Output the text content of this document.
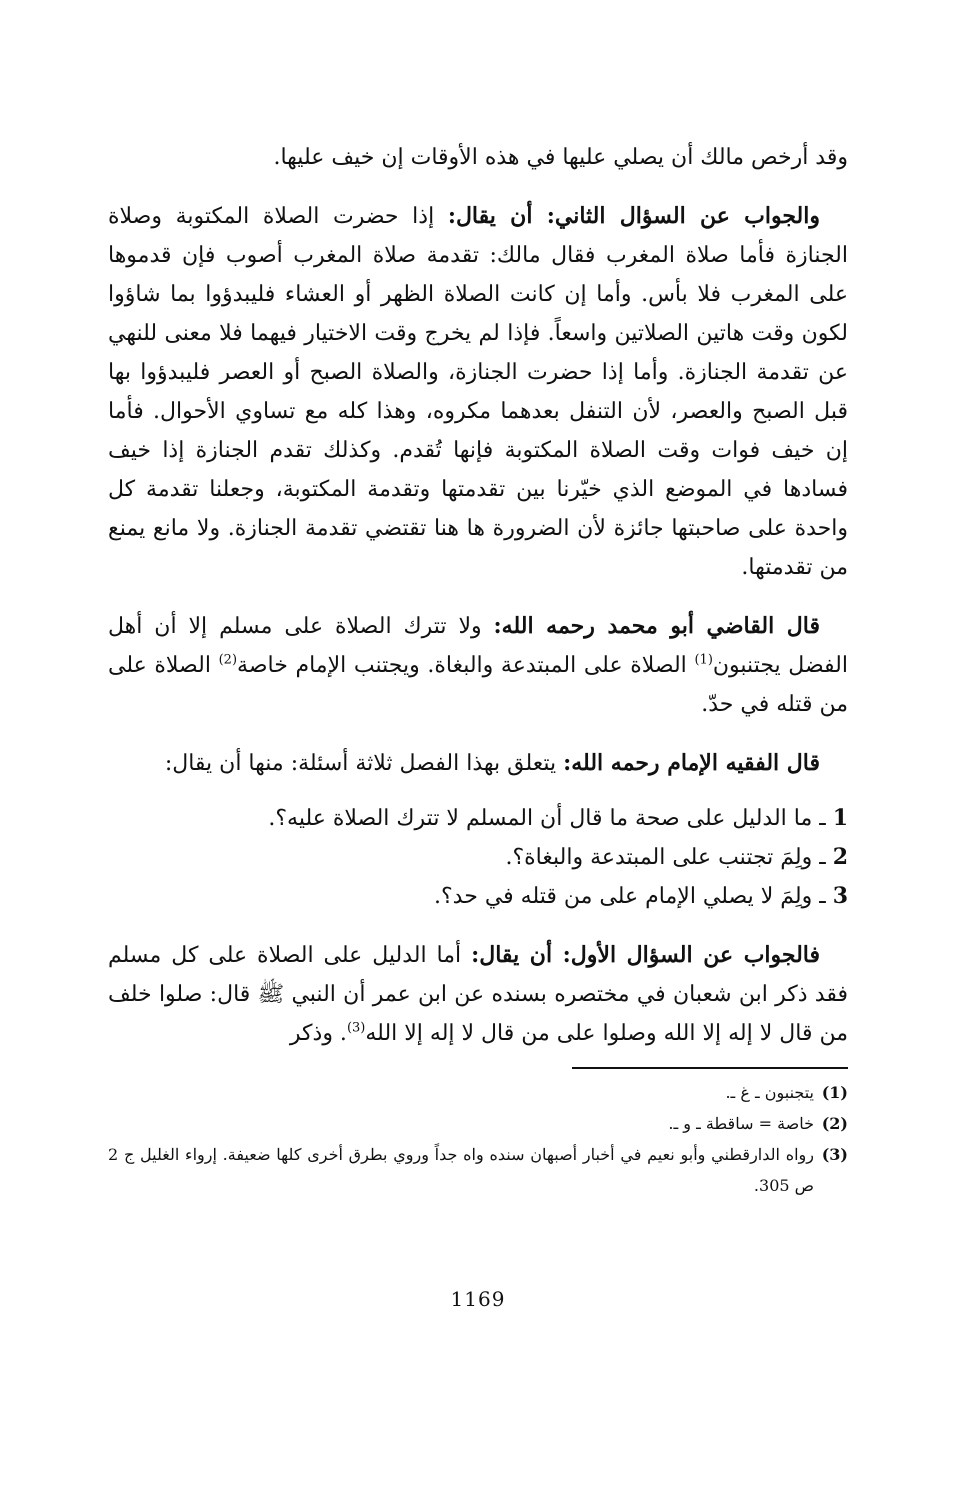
وقد أرخص مالك أن يصلي عليها في هذه الأوقات إن خيف عليها.

والجواب عن السؤال الثاني: أن يقال: إذا حضرت الصلاة المكتوبة وصلاة الجنازة فأما صلاة المغرب فقال مالك: تقدمة صلاة المغرب أصوب فإن قدموها على المغرب فلا بأس. وأما إن كانت الصلاة الظهر أو العشاء فليبدؤوا بما شاؤوا لكون وقت هاتين الصلاتين واسعاً. فإذا لم يخرج وقت الاختيار فيهما فلا معنى للنهي عن تقدمة الجنازة. وأما إذا حضرت الجنازة، والصلاة الصبح أو العصر فليبدؤوا بها قبل الصبح والعصر، لأن التنفل بعدهما مكروه، وهذا كله مع تساوي الأحوال. فأما إن خيف فوات وقت الصلاة المكتوبة فإنها تُقدم. وكذلك تقدم الجنازة إذا خيف فسادها في الموضع الذي خيّرنا بين تقدمتها وتقدمة المكتوبة، وجعلنا تقدمة كل واحدة على صاحبتها جائزة لأن الضرورة ها هنا تقتضي تقدمة الجنازة. ولا مانع يمنع من تقدمتها.

قال القاضي أبو محمد رحمه الله: ولا تترك الصلاة على مسلم إلا أن أهل الفضل يجتنبون$^{(1)}$ الصلاة على المبتدعة والبغاة. ويجتنب الإمام خاصة$^{(2)}$ الصلاة على من قتله في حدّ.

قال الفقيه الإمام رحمه الله: يتعلق بهذا الفصل ثلاثة أسئلة: منها أن يقال:

1 ـ ما الدليل على صحة ما قال أن المسلم لا تترك الصلاة عليه؟.

2 ـ ولِمَ تجتنب على المبتدعة والبغاة؟.

3 ـ ولِمَ لا يصلي الإمام على من قتله في حد؟.

فالجواب عن السؤال الأول: أن يقال: أما الدليل على الصلاة على كل مسلم فقد ذكر ابن شعبان في مختصره بسنده عن ابن عمر أن النبي ﷺ قال: صلوا خلف من قال لا إله إلا الله وصلوا على من قال لا إله إلا الله$^{(3)}$. وذكر

(1)
يتجنبون ـ غ ـ.
(2)
خاصة = ساقطة ـ و ـ.
(3)
رواه الدارقطني وأبو نعيم في أخبار أصبهان سنده واه جداً وروي بطرق أخرى كلها ضعيفة. إرواء الغليل ج 2 ص 305.
1169
